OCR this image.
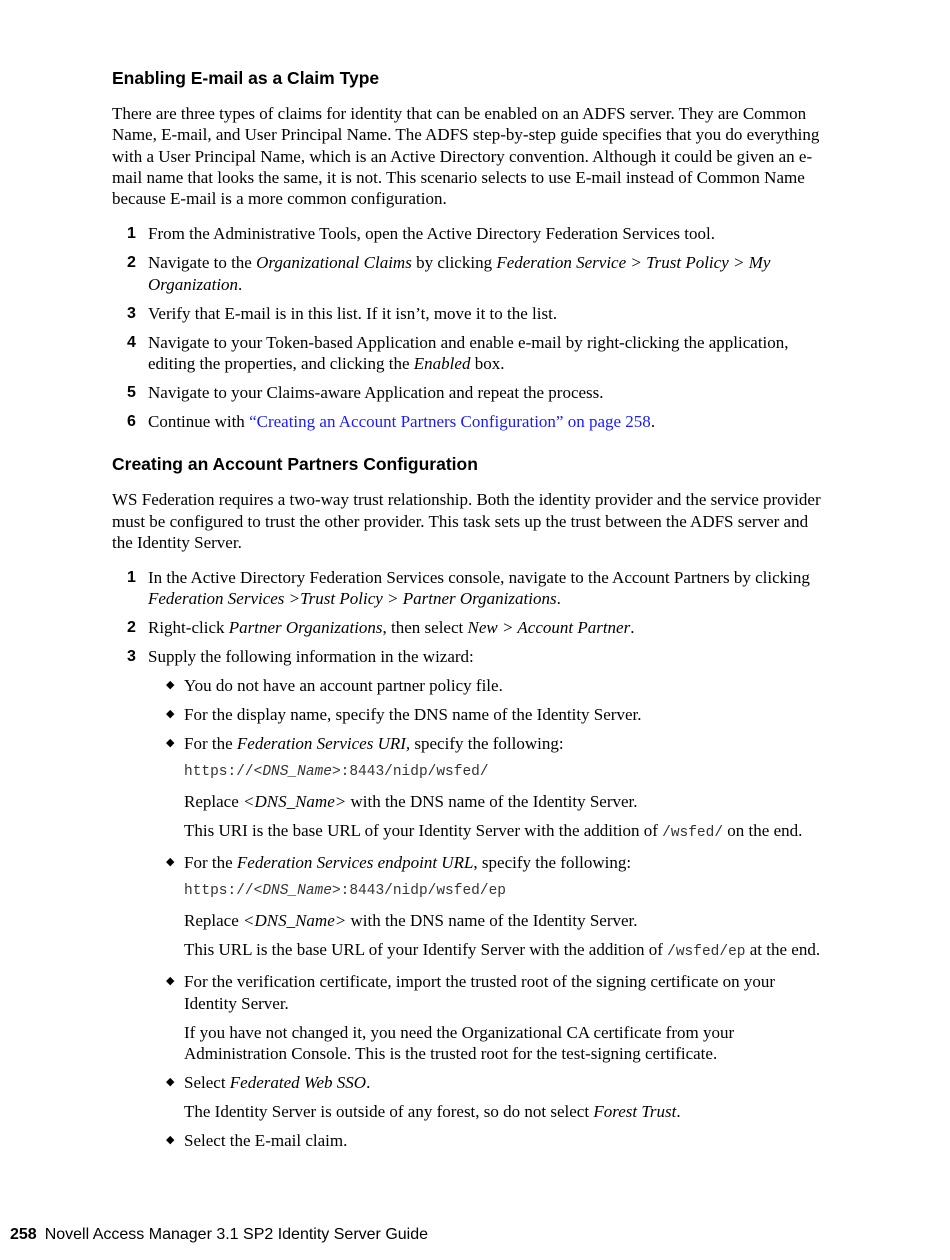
Enabling E-mail as a Claim Type

There are three types of claims for identity that can be enabled on an ADFS server. They are Common Name, E-mail, and User Principal Name. The ADFS step-by-step guide specifies that you do everything with a User Principal Name, which is an Active Directory convention. Although it could be given an e-mail name that looks the same, it is not. This scenario selects to use E-mail instead of Common Name because E-mail is a more common configuration.

1 From the Administrative Tools, open the Active Directory Federation Services tool.
2 Navigate to the Organizational Claims by clicking Federation Service > Trust Policy > My Organization.
3 Verify that E-mail is in this list. If it isn’t, move it to the list.
4 Navigate to your Token-based Application and enable e-mail by right-clicking the application, editing the properties, and clicking the Enabled box.
5 Navigate to your Claims-aware Application and repeat the process.
6 Continue with “Creating an Account Partners Configuration” on page 258.
Creating an Account Partners Configuration

WS Federation requires a two-way trust relationship. Both the identity provider and the service provider must be configured to trust the other provider. This task sets up the trust between the ADFS server and the Identity Server.

1 In the Active Directory Federation Services console, navigate to the Account Partners by clicking Federation Services >Trust Policy > Partner Organizations.
2 Right-click Partner Organizations, then select New > Account Partner.
3 Supply the following information in the wizard:
◆ You do not have an account partner policy file.
◆ For the display name, specify the DNS name of the Identity Server.
◆ For the Federation Services URI, specify the following:
https://<DNS_Name>:8443/nidp/wsfed/
Replace <DNS_Name> with the DNS name of the Identity Server.
This URI is the base URL of your Identity Server with the addition of /wsfed/ on the end.
◆ For the Federation Services endpoint URL, specify the following:
https://<DNS_Name>:8443/nidp/wsfed/ep
Replace <DNS_Name> with the DNS name of the Identity Server.
This URL is the base URL of your Identify Server with the addition of /wsfed/ep at the end.
◆ For the verification certificate, import the trusted root of the signing certificate on your Identity Server.
If you have not changed it, you need the Organizational CA certificate from your Administration Console. This is the trusted root for the test-signing certificate.
◆ Select Federated Web SSO.
The Identity Server is outside of any forest, so do not select Forest Trust.
◆ Select the E-mail claim.
258 Novell Access Manager 3.1 SP2 Identity Server Guide
